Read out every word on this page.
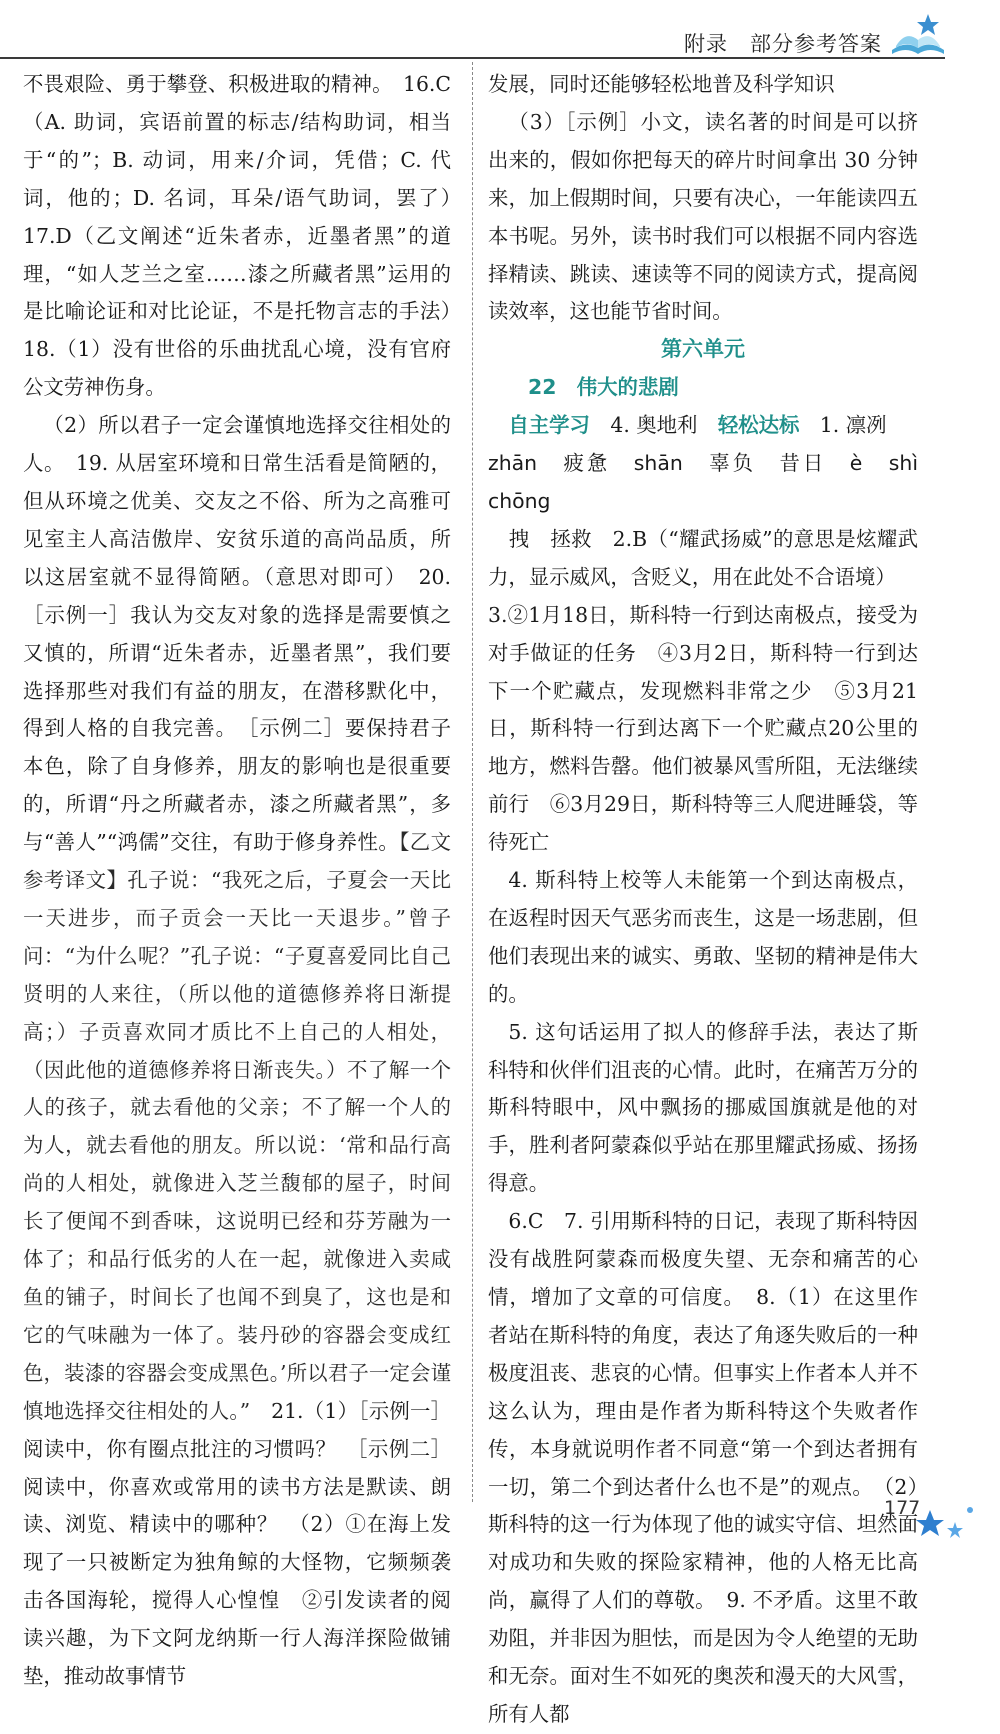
附录　部分参考答案

不畏艰险、勇于攀登、积极进取的精神。　16.C（A. 助词，宾语前置的标志/结构助词，相当于“的”；B. 动词，用来/介词，凭借；C. 代词，他的；D. 名词，耳朵/语气助词，罢了）　17.D（乙文阐述“近朱者赤，近墨者黑”的道理，“如人芝兰之室……漆之所藏者黑”运用的是比喻论证和对比论证，不是托物言志的手法）　18.（1）没有世俗的乐曲扰乱心境，没有官府公文劳神伤身。

（2）所以君子一定会谨慎地选择交往相处的人。　19. 从居室环境和日常生活看是简陋的，但从环境之优美、交友之不俗、所为之高雅可见室主人高洁傲岸、安贫乐道的高尚品质，所以这居室就不显得简陋。（意思对即可）　20.［示例一］我认为交友对象的选择是需要慎之又慎的，所谓“近朱者赤，近墨者黑”，我们要选择那些对我们有益的朋友，在潜移默化中，得到人格的自我完善。　［示例二］要保持君子本色，除了自身修养，朋友的影响也是很重要的，所谓“丹之所藏者赤，漆之所藏者黑”，多与“善人”“鸿儒”交往，有助于修身养性。【乙文参考译文】孔子说：“我死之后，子夏会一天比一天进步，而子贡会一天比一天退步。”曾子问：“为什么呢？”孔子说：“子夏喜爱同比自己贤明的人来往，（所以他的道德修养将日渐提高；）子贡喜欢同才质比不上自己的人相处，（因此他的道德修养将日渐丧失。）不了解一个人的孩子，就去看他的父亲；不了解一个人的为人，就去看他的朋友。所以说：‘常和品行高尚的人相处，就像进入芝兰馥郁的屋子，时间长了便闻不到香味，这说明已经和芬芳融为一体了；和品行低劣的人在一起，就像进入卖咸鱼的铺子，时间长了也闻不到臭了，这也是和它的气味融为一体了。装丹砂的容器会变成红色，装漆的容器会变成黑色。’所以君子一定会谨慎地选择交往相处的人。”　21.（1）［示例一］阅读中，你有圈点批注的习惯吗？　［示例二］阅读中，你喜欢或常用的读书方法是默读、朗读、浏览、精读中的哪种？　（2）①在海上发现了一只被断定为独角鲸的大怪物，它频频袭击各国海轮，搅得人心惶惶　②引发读者的阅读兴趣，为下文阿龙纳斯一行人海洋探险做铺垫，推动故事情节

发展，同时还能够轻松地普及科学知识

（3）［示例］小文，读名著的时间是可以挤出来的，假如你把每天的碎片时间拿出 30 分钟来，加上假期时间，只要有决心，一年能读四五本书呢。另外，读书时我们可以根据不同内容选择精读、跳读、速读等不同的阅读方式，提高阅读效率，这也能节省时间。

第六单元

22　伟大的悲剧

自主学习　 4. 奥地利　 轻松达标　 1. 凛冽

zhān　疲惫　shān　辜负　昔日　è　shì　chōng

　拽　拯救　 2.B（“耀武扬威”的意思是炫耀武力，显示威风，含贬义，用在此处不合语境）

3.②1月18日，斯科特一行到达南极点，接受为对手做证的任务　④3月2日，斯科特一行到达下一个贮藏点，发现燃料非常之少　⑤3月21日，斯科特一行到达离下一个贮藏点20公里的地方，燃料告罄。他们被暴风雪所阻，无法继续前行　⑥3月29日，斯科特等三人爬进睡袋，等待死亡

4. 斯科特上校等人未能第一个到达南极点，在返程时因天气恶劣而丧生，这是一场悲剧，但他们表现出来的诚实、勇敢、坚韧的精神是伟大的。

5. 这句话运用了拟人的修辞手法，表达了斯科特和伙伴们沮丧的心情。此时，在痛苦万分的斯科特眼中，风中飘扬的挪威国旗就是他的对手，胜利者阿蒙森似乎站在那里耀武扬威、扬扬得意。

6.C　7. 引用斯科特的日记，表现了斯科特因没有战胜阿蒙森而极度失望、无奈和痛苦的心情，增加了文章的可信度。　8.（1）在这里作者站在斯科特的角度，表达了角逐失败后的一种极度沮丧、悲哀的心情。但事实上作者本人并不这么认为，理由是作者为斯科特这个失败者作传，本身就说明作者不同意“第一个到达者拥有一切，第二个到达者什么也不是”的观点。　（2）斯科特的这一行为体现了他的诚实守信、坦然面对成功和失败的探险家精神，他的人格无比高尚，赢得了人们的尊敬。　9. 不矛盾。这里不敢劝阻，并非因为胆怯，而是因为令人绝望的无助和无奈。面对生不如死的奥茨和漫天的大风雪，所有人都

177
